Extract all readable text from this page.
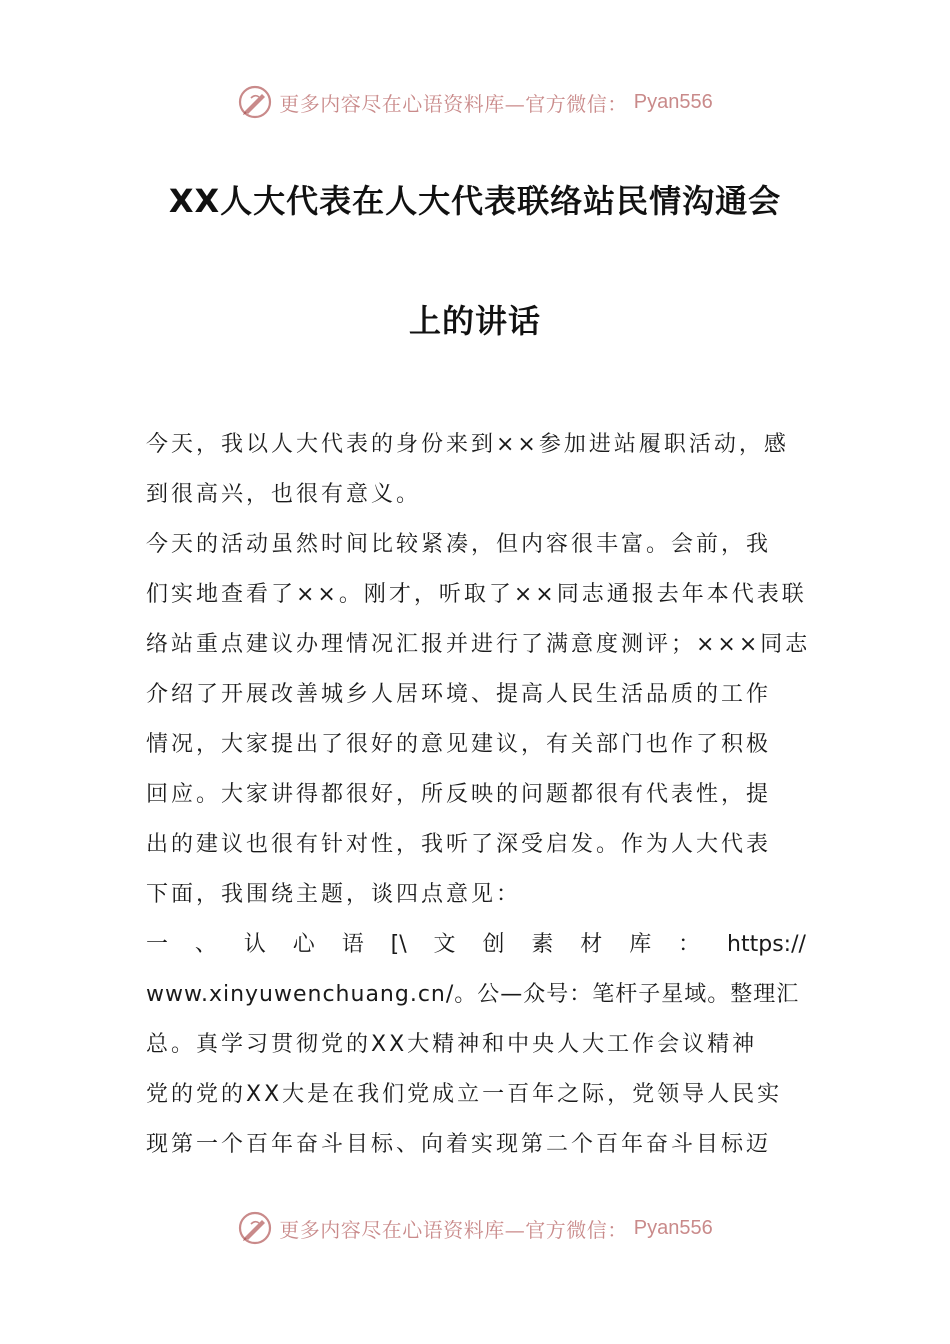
更多内容尽在心语资料库—官方微信： Pyan556
XX人大代表在人大代表联络站民情沟通会
上的讲话
今天，我以人大代表的身份来到××参加进站履职活动，感
到很高兴，也很有意义。
今天的活动虽然时间比较紧凑，但内容很丰富。会前，我
们实地查看了××。刚才，听取了××同志通报去年本代表联
络站重点建议办理情况汇报并进行了满意度测评；×××同志
介绍了开展改善城乡人居环境、提高人民生活品质的工作
情况，大家提出了很好的意见建议，有关部门也作了积极
回应。大家讲得都很好，所反映的问题都很有代表性，提
出的建议也很有针对性，我听了深受启发。作为人大代表
下面，我围绕主题，谈四点意见：
一 、 认 心 语 [\ 文 创 素 材 库 ： https://
www.xinyuwenchuang.cn/。公—众号：笔杆子星域。整理汇
总。真学习贯彻党的XX大精神和中央人大工作会议精神
党的党的XX大是在我们党成立一百年之际，党领导人民实
现第一个百年奋斗目标、向着实现第二个百年奋斗目标迈
更多内容尽在心语资料库—官方微信： Pyan556
